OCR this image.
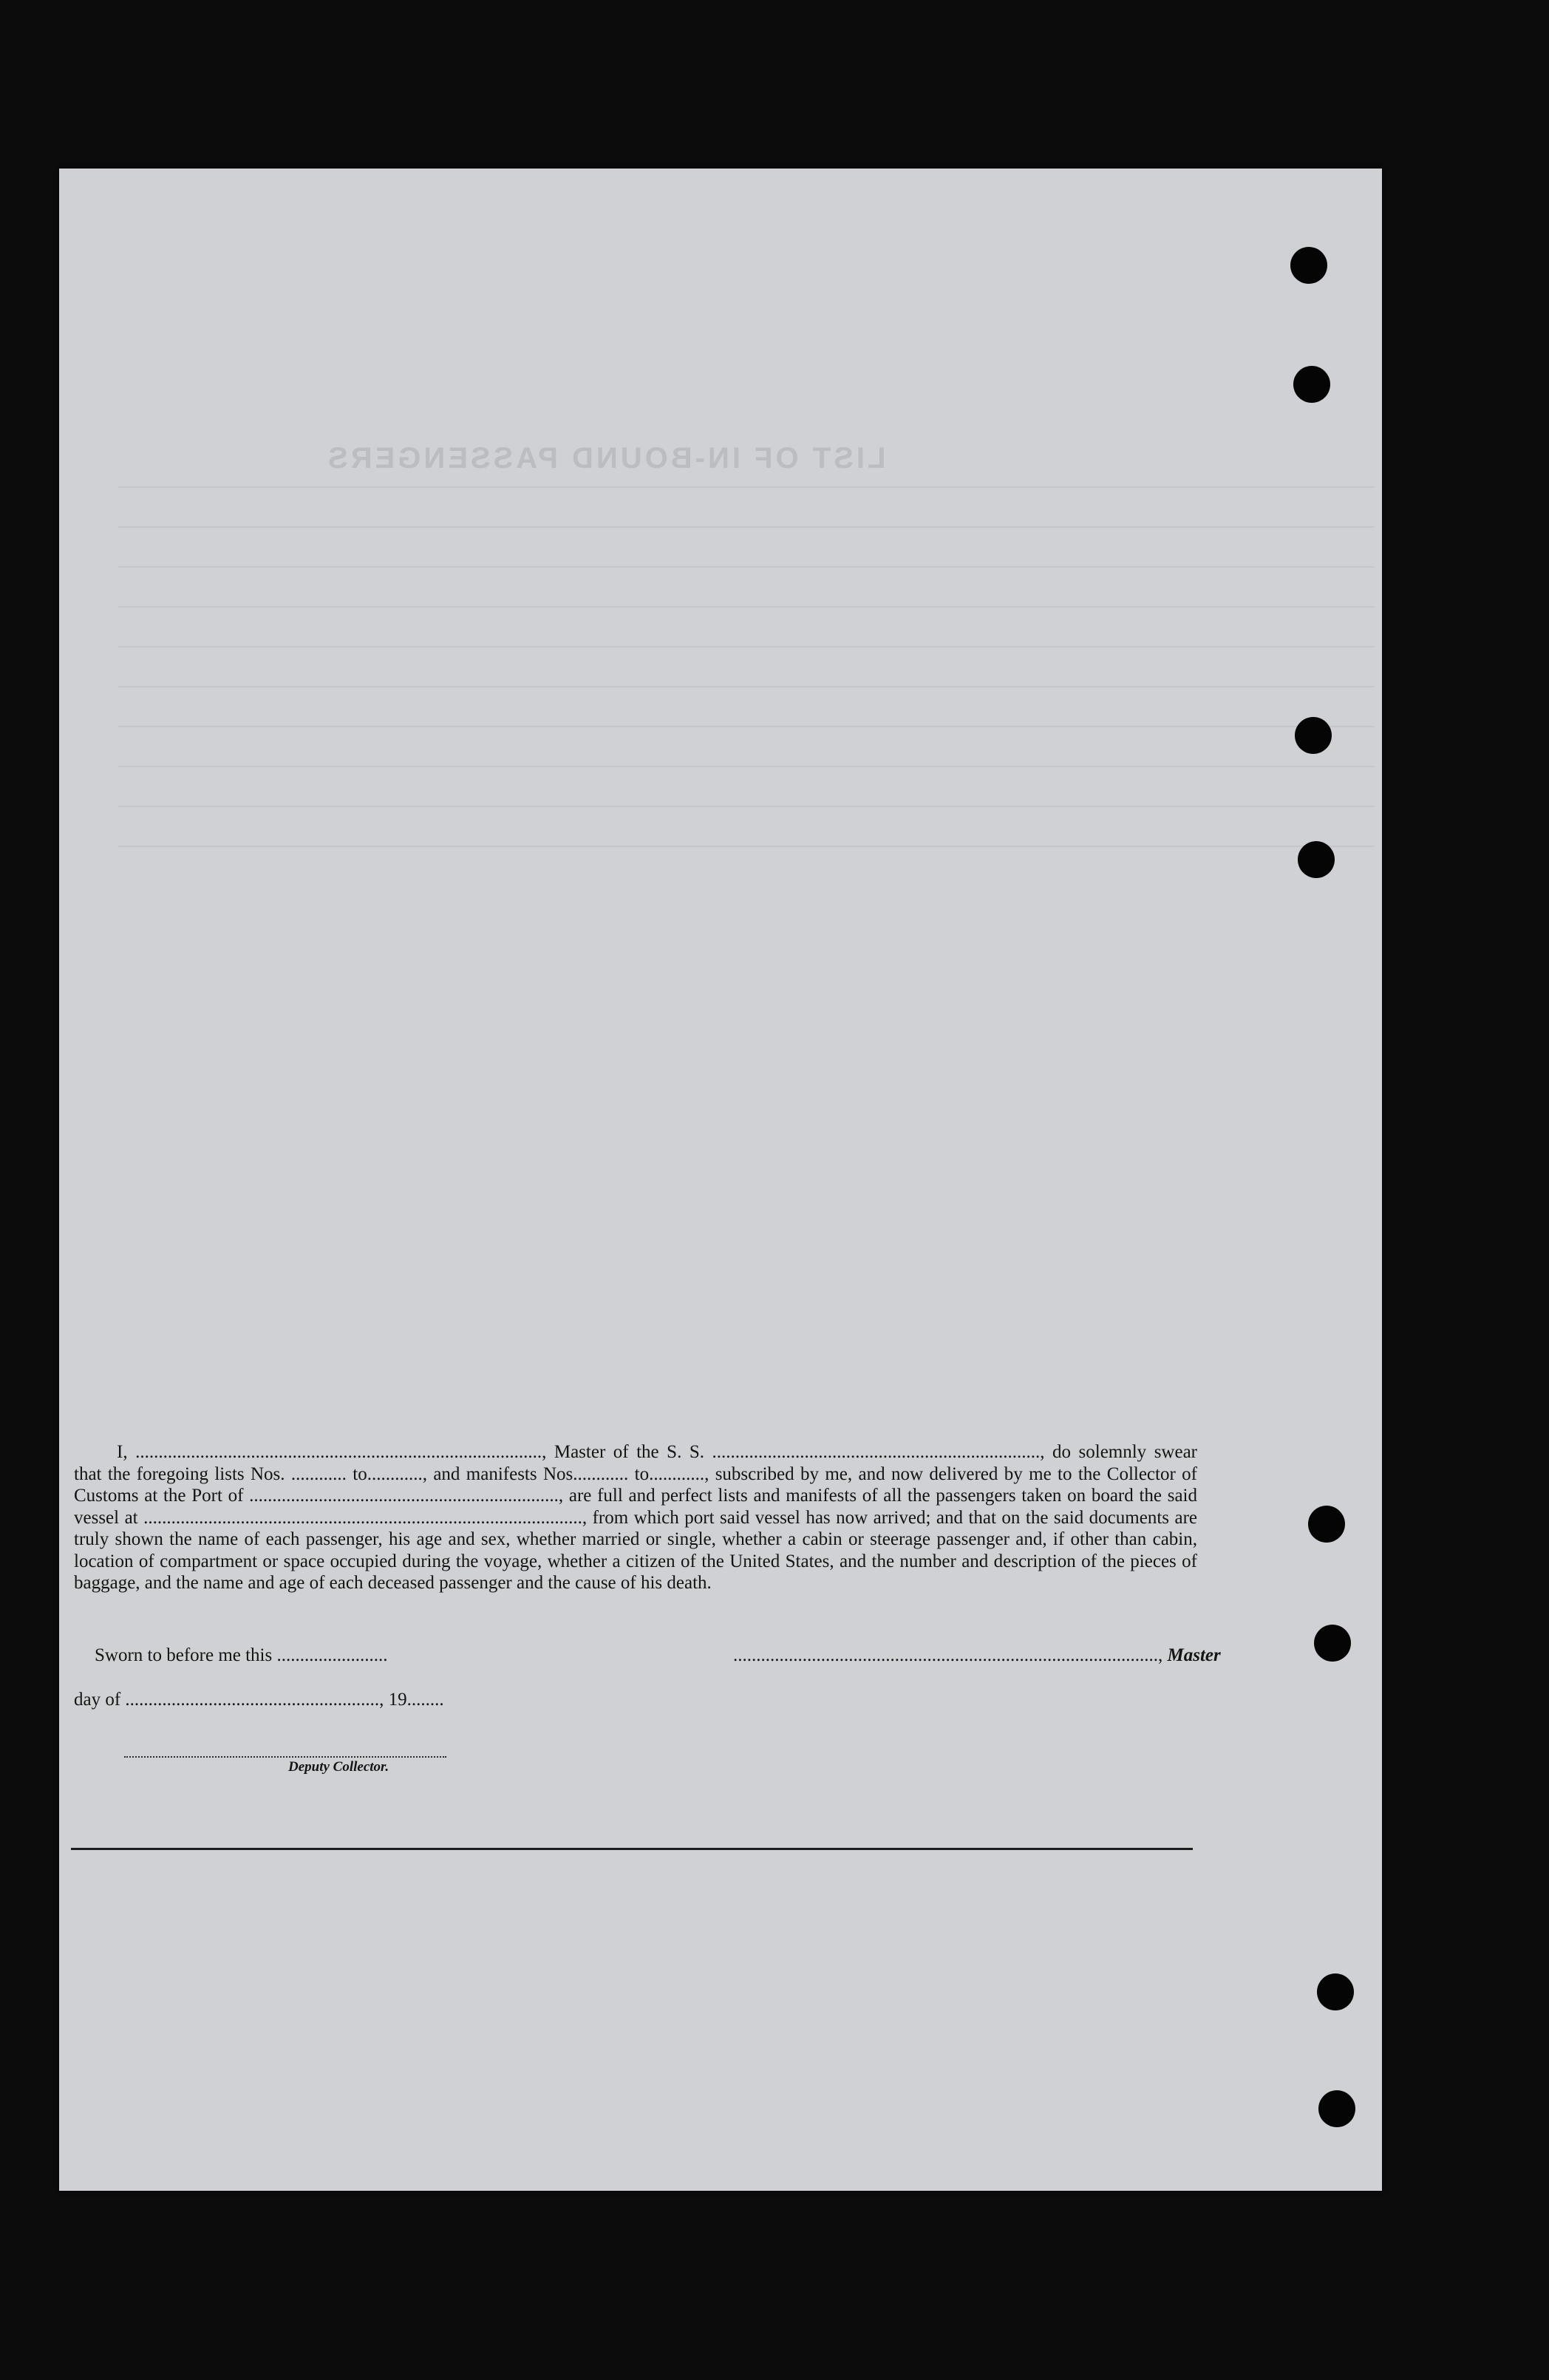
LIST OF IN-BOUND PASSENGERS

I, ........................................................................................, Master of the S. S. ......................................................................., do solemnly swear that the foregoing lists Nos. ............ to............, and manifests Nos............ to............, subscribed by me, and now delivered by me to the Collector of Customs at the Port of ..................................................................., are full and perfect lists and manifests of all the passengers taken on board the said vessel at ..............................................................................................., from which port said vessel has now arrived; and that on the said documents are truly shown the name of each passenger, his age and sex, whether married or single, whether a cabin or steerage passenger and, if other than cabin, location of compartment or space occupied during the voyage, whether a citizen of the United States, and the number and description of the pieces of baggage, and the name and age of each deceased passenger and the cause of his death.

Sworn to before me this ........................	............................................................................................, Master
day of ......................................................., 19........
Deputy Collector.
